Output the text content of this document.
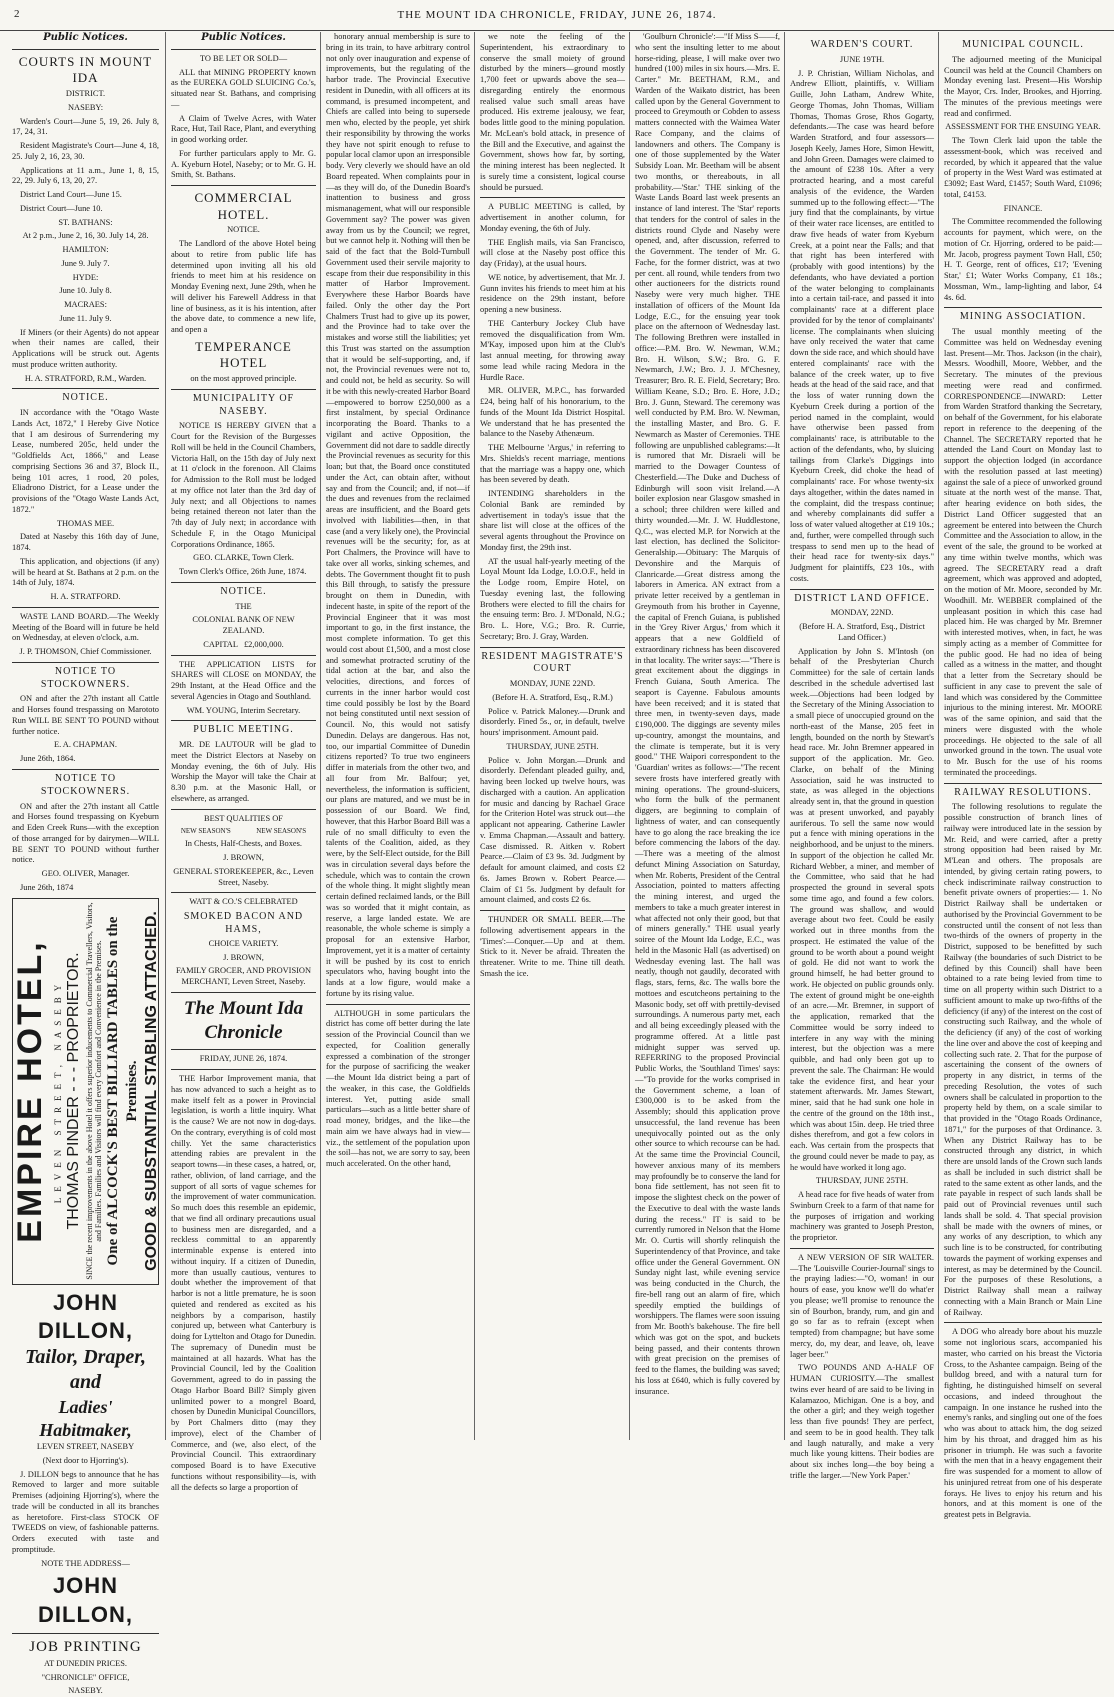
2	THE MOUNT IDA CHRONICLE, FRIDAY, JUNE 26, 1874.
Public Notices.
COURTS IN MOUNT IDA

DISTRICT.

NASEBY:

Warden's Court—June 5, 19, 26. July 8, 17, 24, 31.

Resident Magistrate's Court—June 4, 18, 25. July 2, 16, 23, 30.

Applications at 11 a.m., June 1, 8, 15, 22, 29. July 6, 13, 20, 27.

District Land Court—June 15.

District Court—June 10.

ST. BATHANS:

At 2 p.m., June 2, 16, 30. July 14, 28.

HAMILTON:

June 9. July 7.

HYDE:

June 10. July 8.

MACRAES:

June 11. July 9.

If Miners (or their Agents) do not appear when their names are called, their Applications will be struck out. Agents must produce written authority.

H. A. STRATFORD, R.M., Warden.

NOTICE.

IN accordance with the "Otago Waste Lands Act, 1872," I Hereby Give Notice that I am desirous of Surrendering my Lease, numbered 205c, held under the "Goldfields Act, 1866," and Lease comprising Sections 36 and 37, Block II., being 101 acres, 1 rood, 20 poles, Eliadrono District, for a Lease under the provisions of the "Otago Waste Lands Act, 1872."

THOMAS MEE.

Dated at Naseby this 16th day of June, 1874.

This application, and objections (if any) will be heard at St. Bathans at 2 p.m. on the 14th of July, 1874.

H. A. STRATFORD.

WASTE LAND BOARD.—The Weekly Meeting of the Board will in future be held on Wednesday, at eleven o'clock, a.m.

J. P. THOMSON, Chief Commissioner.

NOTICE TO STOCKOWNERS.

ON and after the 27th instant all Cattle and Horses found trespassing on Marototo Run WILL BE SENT TO POUND without further notice.

E. A. CHAPMAN.

June 26th, 1864.

NOTICE TO STOCKOWNERS.

ON and after the 27th instant all Cattle and Horses found trespassing on Kyeburn and Eden Creek Runs—with the exception of those arranged for by dairymen—WILL BE SENT TO POUND without further notice.

GEO. OLIVER, Manager.

June 26th, 1874

EMPIRE HOTEL, LEVEN STREET, NASEBY THOMAS PINDER - - - PROPRIETOR. SINCE the recent improvements in the above Hotel it offers superior inducements to Commercial Travellers, Visitors, and Families. Families and Visitors will find every Comfort and Convenience in the Premises. One of ALCOCK'S BEST BILLIARD TABLES on the Premises. GOOD & SUBSTANTIAL STABLING ATTACHED.
JOHN DILLON,
Tailor, Draper, and
Ladies' Habitmaker,

LEVEN STREET, NASEBY

(Next door to Hjorring's).

J. DILLON begs to announce that he has Removed to larger and more suitable Premises (adjoining Hjorring's), where the trade will be conducted in all its branches as heretofore. First-class STOCK OF TWEEDS on view, of fashionable patterns. Orders executed with taste and promptitude.

NOTE THE ADDRESS—

JOHN DILLON,
JOB PRINTING

AT DUNEDIN PRICES.

"CHRONICLE" OFFICE,

NASEBY.

Public Notices.

TO BE LET OR SOLD—

ALL that MINING PROPERTY known as the EUREKA GOLD SLUICING Co.'s, situated near St. Bathans, and comprising—

A Claim of Twelve Acres, with Water Race, Hut, Tail Race, Plant, and everything in good working order.

For further particulars apply to Mr. G. A. Kyeburn Hotel, Naseby; or to Mr. G. H. Smith, St. Bathans.

COMMERCIAL HOTEL.

NOTICE.

The Landlord of the above Hotel being about to retire from public life has determined upon inviting all his old friends to meet him at his residence on Monday Evening next, June 29th, when he will deliver his Farewell Address in that line of business, as it is his intention, after the above date, to commence a new life, and open a

TEMPERANCE HOTEL

on the most approved principle.

MUNICIPALITY OF NASEBY.

NOTICE IS HEREBY GIVEN that a Court for the Revision of the Burgesses Roll will be held in the Council Chambers, Victoria Hall, on the 15th day of July next at 11 o'clock in the forenoon. All Claims for Admission to the Roll must be lodged at my office not later than the 3rd day of July next; and all Objections to names being retained thereon not later than the 7th day of July next; in accordance with Schedule F, in the Otago Municipal Corporations Ordinance, 1865.

GEO. CLARKE, Town Clerk.

Town Clerk's Office, 26th June, 1874.

NOTICE.

THE

COLONIAL BANK OF NEW ZEALAND.

CAPITAL £2,000,000.

THE APPLICATION LISTS for SHARES will CLOSE on MONDAY, the 29th Instant, at the Head Office and the several Agencies in Otago and Southland.

WM. YOUNG, Interim Secretary.

PUBLIC MEETING.

MR. DE LAUTOUR will be glad to meet the District Electors at Naseby on Monday evening, the 6th of July. His Worship the Mayor will take the Chair at 8.30 p.m. at the Masonic Hall, or elsewhere, as arranged.

BEST QUALITIES OF

NEW SEASON'S	NEW SEASON'S

In Chests, Half-Chests, and Boxes.

J. BROWN,

GENERAL STOREKEEPER, &c., Leven Street, Naseby.

WATT & CO.'S CELEBRATED

SMOKED BACON AND HAMS,

CHOICE VARIETY.

J. BROWN,

FAMILY GROCER, AND PROVISION MERCHANT, Leven Street, Naseby.

The Mount Ida Chronicle

FRIDAY, JUNE 26, 1874.

THE Harbor Improvement mania, that has now advanced to such a height as to make itself felt as a power in Provincial legislation, is worth a little inquiry. What is the cause? We are not now in dog-days. On the contrary, everything is of cold most chilly. Yet the same characteristics attending rabies are prevalent in the seaport towns—in these cases, a hatred, or, rather, oblivion, of land carriage, and the support of all sorts of vague schemes for the improvement of water communication. So much does this resemble an epidemic, that we find all ordinary precautions usual to business men are disregarded, and a reckless committal to an apparently interminable expense is entered into without inquiry. If a citizen of Dunedin, more than usually cautious, ventures to doubt whether the improvement of that harbor is not a little premature, he is soon quieted and rendered as excited as his neighbors by a comparison, hastily conjured up, between what Canterbury is doing for Lyttelton and Otago for Dunedin. The supremacy of Dunedin must be maintained at all hazards. What has the Provincial Council, led by the Coalition Government, agreed to do in passing the Otago Harbor Board Bill? Simply given unlimited power to a mongrel Board, chosen by Dunedin Municipal Councillors, by Port Chalmers ditto (may they improve), elect of the Chamber of Commerce, and (we, also elect, of the Provincial Council. This extraordinary composed Board is to have Executive functions without responsibility—is, with all the defects so large a proportion of

honorary annual membership is sure to bring in its train, to have arbitrary control not only over inauguration and expense of improvements, but the regulating of the harbor trade. The Provincial Executive resident in Dunedin, with all officers at its command, is presumed incompetent, and Chiefs are called into being to supersede men who, elected by the people, yet shirk their responsibility by throwing the works they have not spirit enough to refuse to popular local clamor upon an irresponsible body. Very cleverly we should have an old Board repeated. When complaints pour in—as they will do, of the Dunedin Board's inattention to business and gross mismanagement, what will our responsible Government say? The power was given away from us by the Council; we regret, but we cannot help it. Nothing will then be said of the fact that the Bold-Turnbull Government used their servile majority to escape from their due responsibility in this matter of Harbor Improvement. Everywhere these Harbor Boards have failed. Only the other day the Port Chalmers Trust had to give up its power, and the Province had to take over the mistakes and worse still the liabilities; yet this Trust was started on the assumption that it would be self-supporting, and, if not, the Provincial revenues were not to, and could not, be held as security. So will it be with this newly-created Harbor Board—empowered to borrow £250,000 as a first instalment, by special Ordinance incorporating the Board. Thanks to a vigilant and active Opposition, the Government did not dare to saddle directly the Provincial revenues as security for this loan; but that, the Board once constituted under the Act, can obtain after, without say and from the Council; and, if not—if the dues and revenues from the reclaimed areas are insufficient, and the Board gets involved with liabilities—then, in that case (and a very likely one), the Provincial revenues will be the security; for, as at Port Chalmers, the Province will have to take over all works, sinking schemes, and debts. The Government thought fit to push this Bill through, to satisfy the pressure brought on them in Dunedin, with indecent haste, in spite of the report of the Provincial Engineer that it was most important to go, in the first instance, the most complete information. To get this would cost about £1,500, and a most close and somewhat protracted scrutiny of the tidal action at the bar, and also the velocities, directions, and forces of currents in the inner harbor would cost time could possibly be lost by the Board not being constituted until next session of Council. No, this would not satisfy Dunedin. Delays are dangerous. Has not, too, our impartial Committee of Dunedin citizens reported? To true two engineers differ in materials from the other two, and all four from Mr. Balfour; yet, nevertheless, the information is sufficient, our plans are matured, and we must be in possession of our Board. We find, however, that this Harbor Board Bill was a rule of no small difficulty to even the talents of the Coalition, aided, as they were, by the Self-Elect outside, for the Bill was in circulation several days before the schedule, which was to contain the crown of the whole thing. It might slightly mean certain defined reclaimed lands, or the Bill was so worded that it might contain, as reserve, a large landed estate. We are reasonable, the whole scheme is simply a proposal for an extensive Harbor, Improvement, yet it is a matter of certainty it will be pushed by its cost to enrich speculators who, having bought into the lands at a low figure, would make a fortune by its rising value.

ALTHOUGH in some particulars the district has come off better during the late session of the Provincial Council than we expected, for Coalition generally expressed a combination of the stronger for the purpose of sacrificing the weaker—the Mount Ida district being a part of the weaker, in this case, the Goldfields interest. Yet, putting aside small particulars—such as a little better share of road money, bridges, and the like—the main aim we have always had in view—viz., the settlement of the population upon the soil—has not, we are sorry to say, been much accelerated. On the other hand,

we note the feeling of the Superintendent, his extraordinary to conserve the small moiety of ground disturbed by the miners—ground mostly 1,700 feet or upwards above the sea—disregarding entirely the enormous realised value such small areas have produced. His extreme jealousy, we fear, bodes little good to the mining population. Mr. McLean's bold attack, in presence of the Bill and the Executive, and against the Government, shows how far, by sorting, the mining interest has been neglected. It is surely time a consistent, logical course should be pursued.

A PUBLIC MEETING is called, by advertisement in another column, for Monday evening, the 6th of July.

THE English mails, via San Francisco, will close at the Naseby post office this day (Friday), at the usual hours.

WE notice, by advertisement, that Mr. J. Gunn invites his friends to meet him at his residence on the 29th instant, before opening a new business.

THE Canterbury Jockey Club have removed the disqualification from Wm. M'Kay, imposed upon him at the Club's last annual meeting, for throwing away some lead while racing Medora in the Hurdle Race.

MR. OLIVER, M.P.C., has forwarded £24, being half of his honorarium, to the funds of the Mount Ida District Hospital. We understand that he has presented the balance to the Naseby Athenæum.

THE Melbourne 'Argus,' in referring to Mrs. Shields's recent marriage, mentions that the marriage was a happy one, which has been severed by death.

INTENDING shareholders in the Colonial Bank are reminded by advertisement in today's issue that the share list will close at the offices of the several agents throughout the Province on Monday first, the 29th inst.

AT the usual half-yearly meeting of the Loyal Mount Ida Lodge, I.O.O.F., held in the Lodge room, Empire Hotel, on Tuesday evening last, the following Brothers were elected to fill the chairs for the ensuing term: Bro. J. M'Donald, N.G.; Bro. L. Hore, V.G.; Bro. R. Currie, Secretary; Bro. J. Gray, Warden.

RESIDENT MAGISTRATE'S COURT

MONDAY, JUNE 22ND.

(Before H. A. Stratford, Esq., R.M.)

Police v. Patrick Maloney.—Drunk and disorderly. Fined 5s., or, in default, twelve hours' imprisonment. Amount paid.

THURSDAY, JUNE 25TH.

Police v. John Morgan.—Drunk and disorderly. Defendant pleaded guilty, and, having been locked up twelve hours, was discharged with a caution. An application for music and dancing by Rachael Grace for the Criterion Hotel was struck out—the applicant not appearing. Catherine Lawler v. Emma Chapman.—Assault and battery. Case dismissed. R. Aitken v. Robert Pearce.—Claim of £3 9s. 3d. Judgment by default for amount claimed, and costs £2 6s. James Brown v. Robert Pearce.—Claim of £1 5s. Judgment by default for amount claimed, and costs £2 6s.

THUNDER OR SMALL BEER.—The following advertisement appears in the 'Times':—Conquer.—Up and at them. Stick to it. Never be afraid. Threaten the threatener. Write to me. Thine till death. Smash the ice.

'Goulburn Chronicle':—"If Miss S——f, who sent the insulting letter to me about horse-riding, please, I will make over two hundred (100) miles in six hours.—Mrs. E. Carter." Mr. BEETHAM, R.M., and Warden of the Waikato district, has been called upon by the General Government to proceed to Greymouth or Cobden to assess matters connected with the Waimea Water Race Company, and the claims of landowners and others. The Company is one of those supplemented by the Water Subsidy Loan. Mr. Beetham will be absent two months, or thereabouts, in all probability.—'Star.' THE sinking of the Waste Lands Board last week presents an instance of land interest. The 'Star' reports that tenders for the control of sales in the districts round Clyde and Naseby were opened, and, after discussion, referred to the Government. The tender of Mr. G. Fache, for the former district, was at two per cent. all round, while tenders from two other auctioneers for the districts round Naseby were very much higher. THE installation of officers of the Mount Ida Lodge, E.C., for the ensuing year took place on the afternoon of Wednesday last. The following Brethren were installed in office:—P.M. Bro. W. Newman, W.M.; Bro. H. Wilson, S.W.; Bro. G. F. Newmarch, J.W.; Bro. J. J. M'Chesney, Treasurer; Bro. R. E. Field, Secretary; Bro. William Keane, S.D.; Bro. E. Hore, J.D.; Bro. J. Gunn, Steward. The ceremony was well conducted by P.M. Bro. W. Newman, the installing Master, and Bro. G. F. Newmarch as Master of Ceremonies. THE following are unpublished cablegrams:—It is rumored that Mr. Disraeli will be married to the Dowager Countess of Chesterfield.—The Duke and Duchess of Edinburgh will soon visit Ireland.—A boiler explosion near Glasgow smashed in a school; three children were killed and thirty wounded.—Mr. J. W. Huddlestone, Q.C., was elected M.P. for Norwich at the last election, has declined the Solicitor-Generalship.—Obituary: The Marquis of Devonshire and the Marquis of Clanricarde.—Great distress among the laborers in America. AN extract from a private letter received by a gentleman in Greymouth from his brother in Cayenne, the capital of French Guiana, is published in the 'Grey River Argus,' from which it appears that a new Goldfield of extraordinary richness has been discovered in that locality. The writer says:—"There is great excitement about the diggings in French Guiana, South America. The seaport is Cayenne. Fabulous amounts have been received; and it is stated that three men, in twenty-seven days, made £190,000. The diggings are seventy miles up-country, amongst the mountains, and the climate is temperate, but it is very good." THE Waipori correspondent to the 'Guardian' writes as follows:—"The recent severe frosts have interfered greatly with mining operations. The ground-sluicers, who form the bulk of the permanent diggers, are beginning to complain of lightness of water, and can consequently have to go along the race breaking the ice before commencing the labors of the day.—There was a meeting of the almost defunct Mining Association on Saturday, when Mr. Roberts, President of the Central Association, pointed to matters affecting the mining interest, and urged the members to take a much greater interest in what affected not only their good, but that of miners generally." THE usual yearly soiree of the Mount Ida Lodge, E.C., was held in the Masonic Hall (as advertised) on Wednesday evening last. The hall was neatly, though not gaudily, decorated with flags, stars, ferns, &c. The walls bore the mottoes and escutcheons pertaining to the Masonic body, set off with prettily-devised surroundings. A numerous party met, each and all being exceedingly pleased with the programme offered. At a little past midnight supper was served up. REFERRING to the proposed Provincial Public Works, the 'Southland Times' says:—"To provide for the works comprised in the Government scheme, a loan of £300,000 is to be asked from the Assembly; should this application prove unsuccessful, the land revenue has been unequivocally pointed out as the only other source to which recourse can be had. At the same time the Provincial Council, however anxious many of its members may profoundly be to conserve the land for bona fide settlement, has not seen fit to impose the slightest check on the power of the Executive to deal with the waste lands during the recess." IT is said to be currently rumored in Nelson that the Home Mr. O. Curtis will shortly relinquish the Superintendency of that Province, and take office under the General Government. ON Sunday night last, while evening service was being conducted in the Church, the fire-bell rang out an alarm of fire, which speedily emptied the buildings of worshippers. The flames were soon issuing from Mr. Booth's bakehouse. The fire bell which was got on the spot, and buckets being passed, and their contents thrown with great precision on the premises of feed to the flames, the building was saved; his loss at £640, which is fully covered by insurance.

WARDEN'S COURT.

JUNE 19TH.

J. P. Christian, William Nicholas, and Andrew Elliott, plaintiffs, v. William Guille, John Latham, Andrew White, George Thomas, John Thomas, William Thomas, Thomas Grose, Rhos Gogarty, defendants.—The case was heard before Warden Stratford, and four assessors—Joseph Keely, James Hore, Simon Hewitt, and John Green. Damages were claimed to the amount of £238 10s. After a very protracted hearing, and a most careful analysis of the evidence, the Warden summed up to the following effect:—"The jury find that the complainants, by virtue of their water race licenses, are entitled to draw five heads of water from Kyeburn Creek, at a point near the Falls; and that that right has been interfered with (probably with good intentions) by the defendants, who have deviated a portion of the water belonging to complainants into a certain tail-race, and passed it into complainants' race at a different place provided for by the tenor of complainants' license. The complainants when sluicing have only received the water that came down the side race, and which should have entered complainants' race with the balance of the creek water, up to five heads at the head of the said race, and that the loss of water running down the Kyeburn Creek during a portion of the period named in the complaint, would have otherwise been passed from complainants' race, is attributable to the action of the defendants, who, by sluicing tailings from Clarke's Diggings into Kyeburn Creek, did choke the head of complainants' race. For whose twenty-six days altogether, within the dates named in the complaint, did the trespass continue; and whereby complainants did suffer a loss of water valued altogether at £19 10s.; and, further, were compelled through such trespass to send men up to the head of their head race for twenty-six days." Judgment for plaintiffs, £23 10s., with costs.

DISTRICT LAND OFFICE.

MONDAY, 22ND.

(Before H. A. Stratford, Esq., District Land Officer.)

Application by John S. M'Intosh (on behalf of the Presbyterian Church Committee) for the sale of certain lands described in the schedule advertised last week.—Objections had been lodged by the Secretary of the Mining Association to a small piece of unoccupied ground on the north-east of the Manse, 205 feet in length, bounded on the north by Stewart's head race. Mr. John Bremner appeared in support of the application. Mr. Geo. Clarke, on behalf of the Mining Association, said he was instructed to state, as was alleged in the objections already sent in, that the ground in question was at present unworked, and payably auriferous. To sell the same now would put a fence with mining operations in the neighborhood, and be unjust to the miners. In support of the objection he called Mr. Richard Webber, a miner, and member of the Committee, who said that he had prospected the ground in several spots some time ago, and found a few colors. The ground was shallow, and would average about two feet. Could be easily worked out in three months from the prospect. He estimated the value of the ground to be worth about a pound weight of gold. He did not want to work the ground himself, he had better ground to work. He objected on public grounds only. The extent of ground might be one-eighth of an acre.—Mr. Bremner, in support of the application, remarked that the Committee would be sorry indeed to interfere in any way with the mining interest, but the objection was a mere quibble, and had only been got up to prevent the sale. The Chairman: He would take the evidence first, and hear your statement afterwards. Mr. James Stewart, miner, said that he had sunk one hole in the centre of the ground on the 18th inst., which was about 15in. deep. He tried three dishes therefrom, and got a few colors in each. Was certain from the prospects that the ground could never be made to pay, as he would have worked it long ago.

THURSDAY, JUNE 25TH.

A head race for five heads of water from Swinburn Creek to a farm of that name for the purposes of irrigation and working machinery was granted to Joseph Preston, the proprietor.

A NEW VERSION OF SIR WALTER.—The 'Louisville Courier-Journal' sings to the praying ladies:—"O, woman! in our hours of ease, you know we'll do what'er you please; we'll promise to renounce the sin of Bourbon, brandy, rum, and gin and go so far as to refrain (except when tempted) from champagne; but have some mercy, do, my dear, and leave, oh, leave lager beer."

TWO POUNDS AND A-HALF OF HUMAN CURIOSITY.—The smallest twins ever heard of are said to be living in Kalamazoo, Michigan. One is a boy, and the other a girl; and they weigh together less than five pounds! They are perfect, and seem to be in good health. They talk and laugh naturally, and make a very much like young kittens. Their bodies are about six inches long—the boy being a trifle the larger.—'New York Paper.'

MUNICIPAL COUNCIL.

The adjourned meeting of the Municipal Council was held at the Council Chambers on Monday evening last. Present—His Worship the Mayor, Crs. Inder, Brookes, and Hjorring. The minutes of the previous meetings were read and confirmed.

ASSESSMENT FOR THE ENSUING YEAR.

The Town Clerk laid upon the table the assessment-book, which was received and recorded, by which it appeared that the value of property in the West Ward was estimated at £3092; East Ward, £1457; South Ward, £1096; total, £4153.

FINANCE.

The Committee recommended the following accounts for payment, which were, on the motion of Cr. Hjorring, ordered to be paid:—Mr. Jacob, progress payment Town Hall, £50; H. T. George, rent of offices, £17; 'Evening Star,' £1; Water Works Company, £1 18s.; Mossman, Wm., lamp-lighting and labor, £4 4s. 6d.

MINING ASSOCIATION.

The usual monthly meeting of the Committee was held on Wednesday evening last. Present—Mr. Thos. Jackson (in the chair), Messrs. Woodhill, Moore, Webber, and the Secretary. The minutes of the previous meeting were read and confirmed. CORRESPONDENCE—INWARD: Letter from Warden Stratford thanking the Secretary, on behalf of the Government, for his elaborate report in reference to the deepening of the Channel. The SECRETARY reported that he attended the Land Court on Monday last to support the objection lodged (in accordance with the resolution passed at last meeting) against the sale of a piece of unworked ground situate at the north west of the manse. That, after hearing evidence on both sides, the District Land Officer suggested that an agreement be entered into between the Church Committee and the Association to allow, in the event of the sale, the ground to be worked at any time within twelve months, which was agreed. The SECRETARY read a draft agreement, which was approved and adopted, on the motion of Mr. Moore, seconded by Mr. Woodhill. Mr. WEBBER complained of the unpleasant position in which this case had placed him. He was charged by Mr. Bremner with interested motives, when, in fact, he was simply acting as a member of Committee for the public good. He had no idea of being called as a witness in the matter, and thought that a letter from the Secretary should be sufficient in any case to prevent the sale of land which was considered by the Committee injurious to the mining interest. Mr. MOORE was of the same opinion, and said that the miners were disgusted with the whole proceedings. He objected to the sale of all unworked ground in the town. The usual vote to Mr. Busch for the use of his rooms terminated the proceedings.

RAILWAY RESOLUTIONS.

The following resolutions to regulate the possible construction of branch lines of railway were introduced late in the session by Mr. Reid, and were carried, after a pretty strong opposition had been raised by Mr. M'Lean and others. The proposals are intended, by giving certain rating powers, to check indiscriminate railway construction to benefit private owners of properties:— 1. No District Railway shall be undertaken or authorised by the Provincial Government to be constructed until the consent of not less than two-thirds of the owners of property in the District, supposed to be benefitted by such Railway (the boundaries of such District to be defined by this Council) shall have been obtained to a rate being levied from time to time on all property within such District to a sufficient amount to make up two-fifths of the deficiency (if any) of the interest on the cost of constructing such Railway, and the whole of the deficiency (if any) of the cost of working the line over and above the cost of keeping and collecting such rate. 2. That for the purpose of ascertaining the consent of the owners of property in any district, in terms of the preceding Resolution, the votes of such owners shall be calculated in proportion to the property held by them, on a scale similar to that provided in the "Otago Roads Ordinance, 1871," for the purposes of that Ordinance. 3. When any District Railway has to be constructed through any district, in which there are unsold lands of the Crown such lands as shall be included in such district shall be rated to the same extent as other lands, and the rate payable in respect of such lands shall be paid out of Provincial revenues until such lands shall be sold. 4. That special provision shall be made with the owners of mines, or any works of any description, to which any such line is to be constructed, for contributing towards the payment of working expenses and interest, as may be determined by the Council. For the purposes of these Resolutions, a District Railway shall mean a railway connecting with a Main Branch or Main Line of Railway.

A DOG who already bore about his muzzle some not inglorious scars, accompanied his master, who carried on his breast the Victoria Cross, to the Ashantee campaign. Being of the bulldog breed, and with a natural turn for fighting, he distinguished himself on several occasions, and indeed throughout the campaign. In one instance he rushed into the enemy's ranks, and singling out one of the foes who was about to attack him, the dog seized him by his throat, and dragged him as his prisoner in triumph. He was such a favorite with the men that in a heavy engagement their fire was suspended for a moment to allow of his uninjured retreat from one of his desperate forays. He lives to enjoy his return and his honors, and at this moment is one of the greatest pets in Belgravia.
